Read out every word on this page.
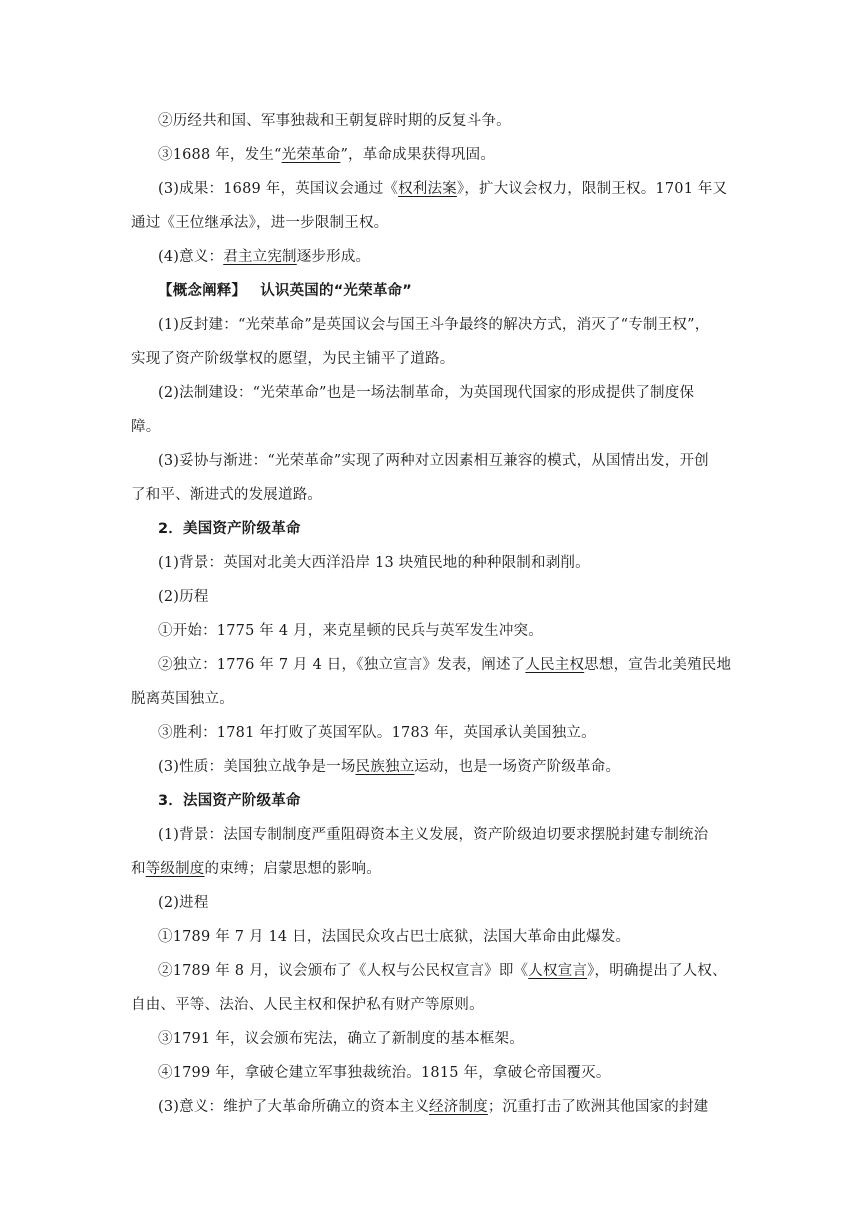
②历经共和国、军事独裁和王朝复辟时期的反复斗争。
③1688 年，发生“光荣革命”，革命成果获得巩固。
(3)成果：1689 年，英国议会通过《权利法案》，扩大议会权力，限制王权。1701 年又
通过《王位继承法》，进一步限制王权。
(4)意义：君主立宪制逐步形成。
【概念阐释】 认识英国的“光荣革命”
(1)反封建：“光荣革命”是英国议会与国王斗争最终的解决方式，消灭了“专制王权”，
实现了资产阶级掌权的愿望，为民主铺平了道路。
(2)法制建设：“光荣革命”也是一场法制革命，为英国现代国家的形成提供了制度保
障。
(3)妥协与渐进：“光荣革命”实现了两种对立因素相互兼容的模式，从国情出发，开创
了和平、渐进式的发展道路。
2．美国资产阶级革命
(1)背景：英国对北美大西洋沿岸 13 块殖民地的种种限制和剥削。
(2)历程
①开始：1775 年 4 月，来克星顿的民兵与英军发生冲突。
②独立：1776 年 7 月 4 日，《独立宣言》发表，阐述了人民主权思想，宣告北美殖民地
脱离英国独立。
③胜利：1781 年打败了英国军队。1783 年，英国承认美国独立。
(3)性质：美国独立战争是一场民族独立运动，也是一场资产阶级革命。
3．法国资产阶级革命
(1)背景：法国专制制度严重阻碍资本主义发展，资产阶级迫切要求摆脱封建专制统治
和等级制度的束缚；启蒙思想的影响。
(2)进程
①1789 年 7 月 14 日，法国民众攻占巴士底狱，法国大革命由此爆发。
②1789 年 8 月，议会颁布了《人权与公民权宣言》即《人权宣言》，明确提出了人权、
自由、平等、法治、人民主权和保护私有财产等原则。
③1791 年，议会颁布宪法，确立了新制度的基本框架。
④1799 年，拿破仑建立军事独裁统治。1815 年，拿破仑帝国覆灭。
(3)意义：维护了大革命所确立的资本主义经济制度；沉重打击了欧洲其他国家的封建
